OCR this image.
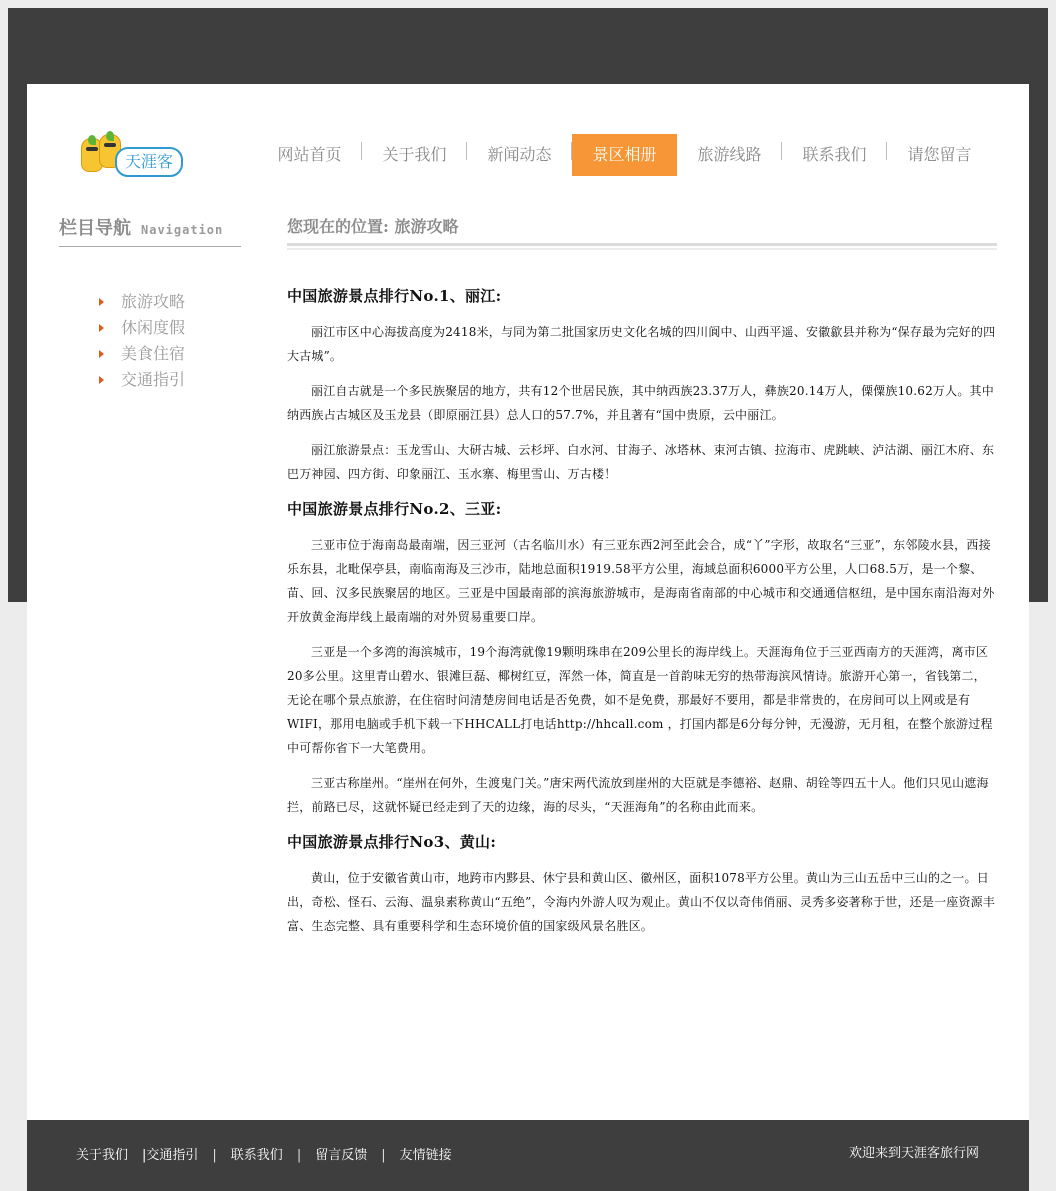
天涯客	网站首页	关于我们	新闻动态	景区相册	旅游线路	联系我们	请您留言
栏目导航 Navigation
旅游攻略
休闲度假
美食住宿
交通指引
您现在的位置: 旅游攻略
中国旅游景点排行No.1、丽江:

丽江市区中心海拔高度为2418米，与同为第二批国家历史文化名城的四川阆中、山西平遥、安徽歙县并称为“保存最为完好的四大古城”。

丽江自古就是一个多民族聚居的地方，共有12个世居民族，其中纳西族23.37万人，彝族20.14万人，傈僳族10.62万人。其中纳西族占古城区及玉龙县（即原丽江县）总人口的57.7%，并且著有“国中贵原，云中丽江。

丽江旅游景点：玉龙雪山、大研古城、云杉坪、白水河、甘海子、冰塔林、束河古镇、拉海市、虎跳峡、泸沽湖、丽江木府、东巴万神园、四方街、印象丽江、玉水寨、梅里雪山、万古楼！

中国旅游景点排行No.2、三亚:

三亚市位于海南岛最南端，因三亚河（古名临川水）有三亚东西2河至此会合，成“丫”字形，故取名“三亚”，东邻陵水县，西接乐东县，北毗保亭县，南临南海及三沙市，陆地总面积1919.58平方公里，海域总面积6000平方公里，人口68.5万，是一个黎、苗、回、汉多民族聚居的地区。三亚是中国最南部的滨海旅游城市，是海南省南部的中心城市和交通通信枢纽，是中国东南沿海对外开放黄金海岸线上最南端的对外贸易重要口岸。

三亚是一个多湾的海滨城市，19个海湾就像19颗明珠串在209公里长的海岸线上。天涯海角位于三亚西南方的天涯湾，离市区20多公里。这里青山碧水、银滩巨磊、椰树红豆，浑然一体，简直是一首韵味无穷的热带海滨风情诗。旅游开心第一，省钱第二，无论在哪个景点旅游，在住宿时问清楚房间电话是否免费，如不是免费，那最好不要用，都是非常贵的，在房间可以上网或是有WIFI，那用电脑或手机下载一下HHCALL打电话http://hhcall.com ，打国内都是6分每分钟，无漫游，无月租，在整个旅游过程中可帮你省下一大笔费用。

三亚古称崖州。“崖州在何外，生渡鬼门关。”唐宋两代流放到崖州的大臣就是李德裕、赵鼎、胡铨等四五十人。他们只见山遮海拦，前路已尽，这就怀疑已经走到了天的边缘，海的尽头，“天涯海角”的名称由此而来。

中国旅游景点排行No3、黄山:

黄山，位于安徽省黄山市，地跨市内黟县、休宁县和黄山区、徽州区，面积1078平方公里。黄山为三山五岳中三山的之一。日出，奇松、怪石、云海、温泉素称黄山“五绝”，令海内外游人叹为观止。黄山不仅以奇伟俏丽、灵秀多姿著称于世，还是一座资源丰富、生态完整、具有重要科学和生态环境价值的国家级风景名胜区。

关于我们 |交通指引 | 联系我们 | 留言反馈 | 友情链接	欢迎来到天涯客旅行网
